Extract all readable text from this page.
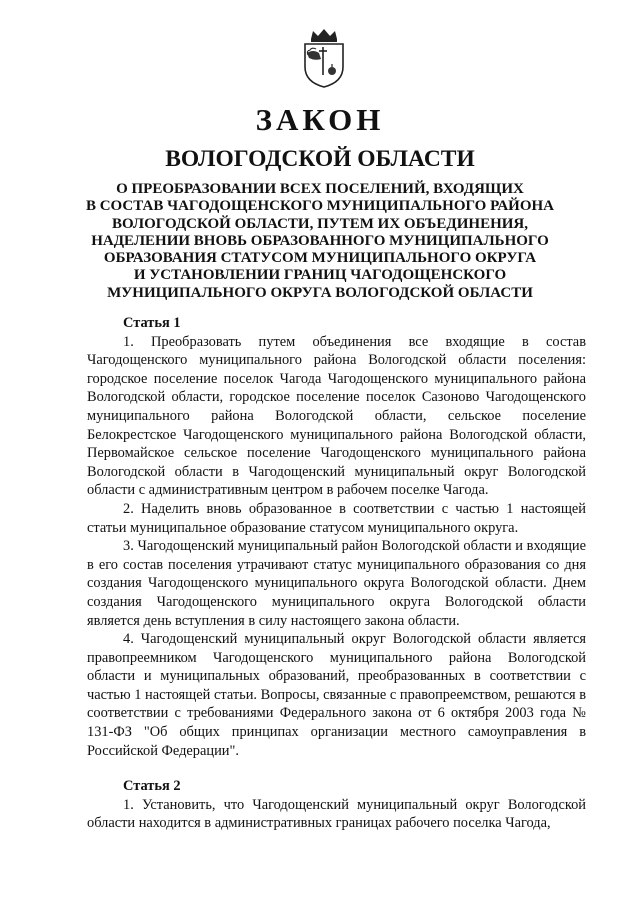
ЗАКОН
ВОЛОГОДСКОЙ ОБЛАСТИ
О ПРЕОБРАЗОВАНИИ ВСЕХ ПОСЕЛЕНИЙ, ВХОДЯЩИХ
В СОСТАВ ЧАГОДОЩЕНСКОГО МУНИЦИПАЛЬНОГО РАЙОНА
ВОЛОГОДСКОЙ ОБЛАСТИ, ПУТЕМ ИХ ОБЪЕДИНЕНИЯ,
НАДЕЛЕНИИ ВНОВЬ ОБРАЗОВАННОГО МУНИЦИПАЛЬНОГО
ОБРАЗОВАНИЯ СТАТУСОМ МУНИЦИПАЛЬНОГО ОКРУГА
И УСТАНОВЛЕНИИ ГРАНИЦ ЧАГОДОЩЕНСКОГО
МУНИЦИПАЛЬНОГО ОКРУГА ВОЛОГОДСКОЙ ОБЛАСТИ

Статья 1

1. Преобразовать путем объединения все входящие в состав Чагодощенского муниципального района Вологодской области поселения: городское поселение поселок Чагода Чагодощенского муниципального района Вологодской области, городское поселение поселок Сазоново Чагодощенского муниципального района Вологодской области, сельское поселение Белокрестское Чагодощенского муниципального района Вологодской области, Первомайское сельское поселение Чагодощенского муниципального района Вологодской области в Чагодощенский муниципальный округ Вологодской области с административным центром в рабочем поселке Чагода.

2. Наделить вновь образованное в соответствии с частью 1 настоящей статьи муниципальное образование статусом муниципального округа.

3. Чагодощенский муниципальный район Вологодской области и входящие в его состав поселения утрачивают статус муниципального образования со дня создания Чагодощенского муниципального округа Вологодской области. Днем создания Чагодощенского муниципального округа Вологодской области является день вступления в силу настоящего закона области.

4. Чагодощенский муниципальный округ Вологодской области является правопреемником Чагодощенского муниципального района Вологодской области и муниципальных образований, преобразованных в соответствии с частью 1 настоящей статьи. Вопросы, связанные с правопреемством, решаются в соответствии с требованиями Федерального закона от 6 октября 2003 года № 131-ФЗ "Об общих принципах организации местного самоуправления в Российской Федерации".

Статья 2

1. Установить, что Чагодощенский муниципальный округ Вологодской области находится в административных границах рабочего поселка Чагода,
